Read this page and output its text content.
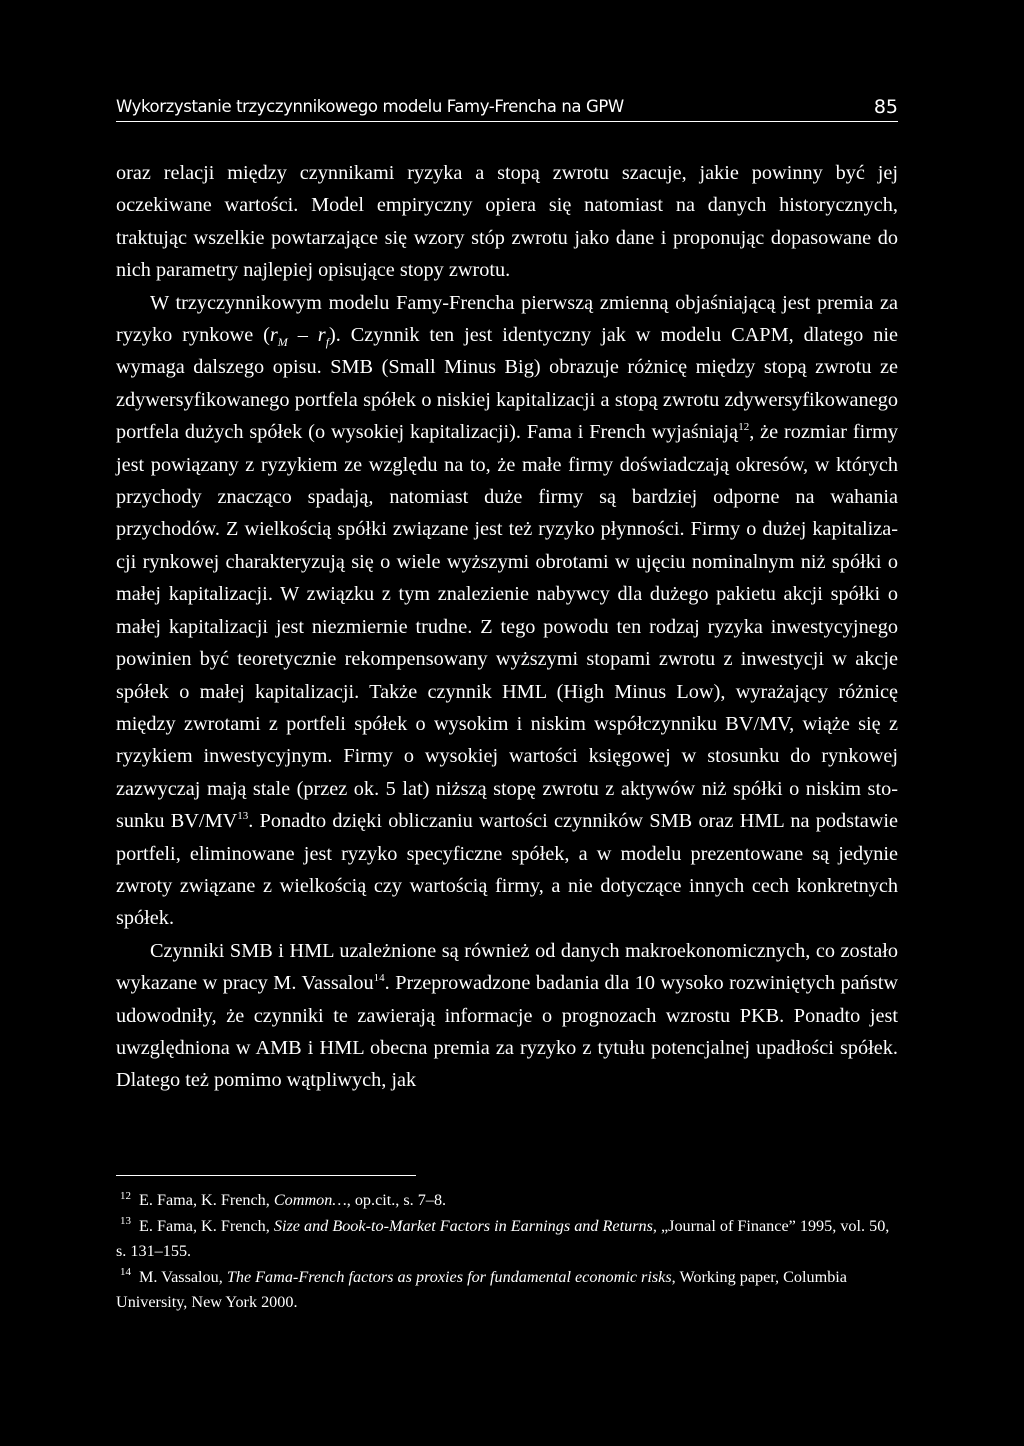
Wykorzystanie trzyczynnikowego modelu Famy-Frencha na GPW	85

oraz relacji między czynnikami ryzyka a stopą zwrotu szacuje, jakie powinny być jej oczekiwane wartości. Model empiryczny opiera się natomiast na danych historycznych, traktując wszelkie powtarzające się wzory stóp zwrotu jako dane i proponując dopasowane do nich parametry najlepiej opisujące stopy zwrotu.

W trzyczynnikowym modelu Famy-Frencha pierwszą zmienną objaśniającą jest premia za ryzyko rynkowe $(r_M - r_f)$. Czynnik ten jest identyczny jak w modelu CAPM, dlatego nie wymaga dalszego opisu. SMB (Small Minus Big) obrazuje różnicę między stopą zwrotu ze zdywersyfikowanego portfela spółek o niskiej kapitalizacji a stopą zwrotu zdywersyfikowanego portfela dużych spółek (o wysokiej kapitalizacji). Fama i French wyjaśniają$^{12}$, że rozmiar firmy jest powiązany z ryzykiem ze względu na to, że małe firmy doświadczają okresów, w których przychody znacząco spadają, natomiast duże firmy są bardziej odporne na wahania przychodów. Z wielkością spółki związane jest też ryzyko płynności. Firmy o dużej kapitalizacji rynkowej charakteryzują się o wiele wyższymi obrotami w ujęciu nominalnym niż spółki o małej kapitalizacji. W związku z tym znalezienie nabywcy dla dużego pakietu akcji spółki o małej kapitalizacji jest niezmiernie trudne. Z tego powodu ten rodzaj ryzyka inwestycyjnego powinien być teoretycznie rekompensowany wyższymi stopami zwrotu z inwestycji w akcje spółek o małej kapitalizacji. Także czynnik HML (High Minus Low), wyrażający różnicę między zwrotami z portfeli spółek o wysokim i niskim współczynniku BV/MV, wiąże się z ryzykiem inwestycyjnym. Firmy o wysokiej wartości księgowej w stosunku do rynkowej zazwyczaj mają stale (przez ok. 5 lat) niższą stopę zwrotu z aktywów niż spółki o niskim stosunku BV/MV$^{13}$. Ponadto dzięki obliczaniu wartości czynników SMB oraz HML na podstawie portfeli, eliminowane jest ryzyko specyficzne spółek, a w modelu prezentowane są jedynie zwroty związane z wielkością czy wartością firmy, a nie dotyczące innych cech konkretnych spółek.

Czynniki SMB i HML uzależnione są również od danych makroekonomicznych, co zostało wykazane w pracy M. Vassalou$^{14}$. Przeprowadzone badania dla 10 wysoko rozwiniętych państw udowodniły, że czynniki te zawierają informacje o prognozach wzrostu PKB. Ponadto jest uwzględniona w AMB i HML obecna premia za ryzyko z tytułu potencjalnej upadłości spółek. Dlatego też pomimo wątpliwych, jak

12 E. Fama, K. French, Common…, op.cit., s. 7–8.

13 E. Fama, K. French, Size and Book-to-Market Factors in Earnings and Returns, „Journal of Finance” 1995, vol. 50, s. 131–155.

14 M. Vassalou, The Fama-French factors as proxies for fundamental economic risks, Working paper, Columbia University, New York 2000.
